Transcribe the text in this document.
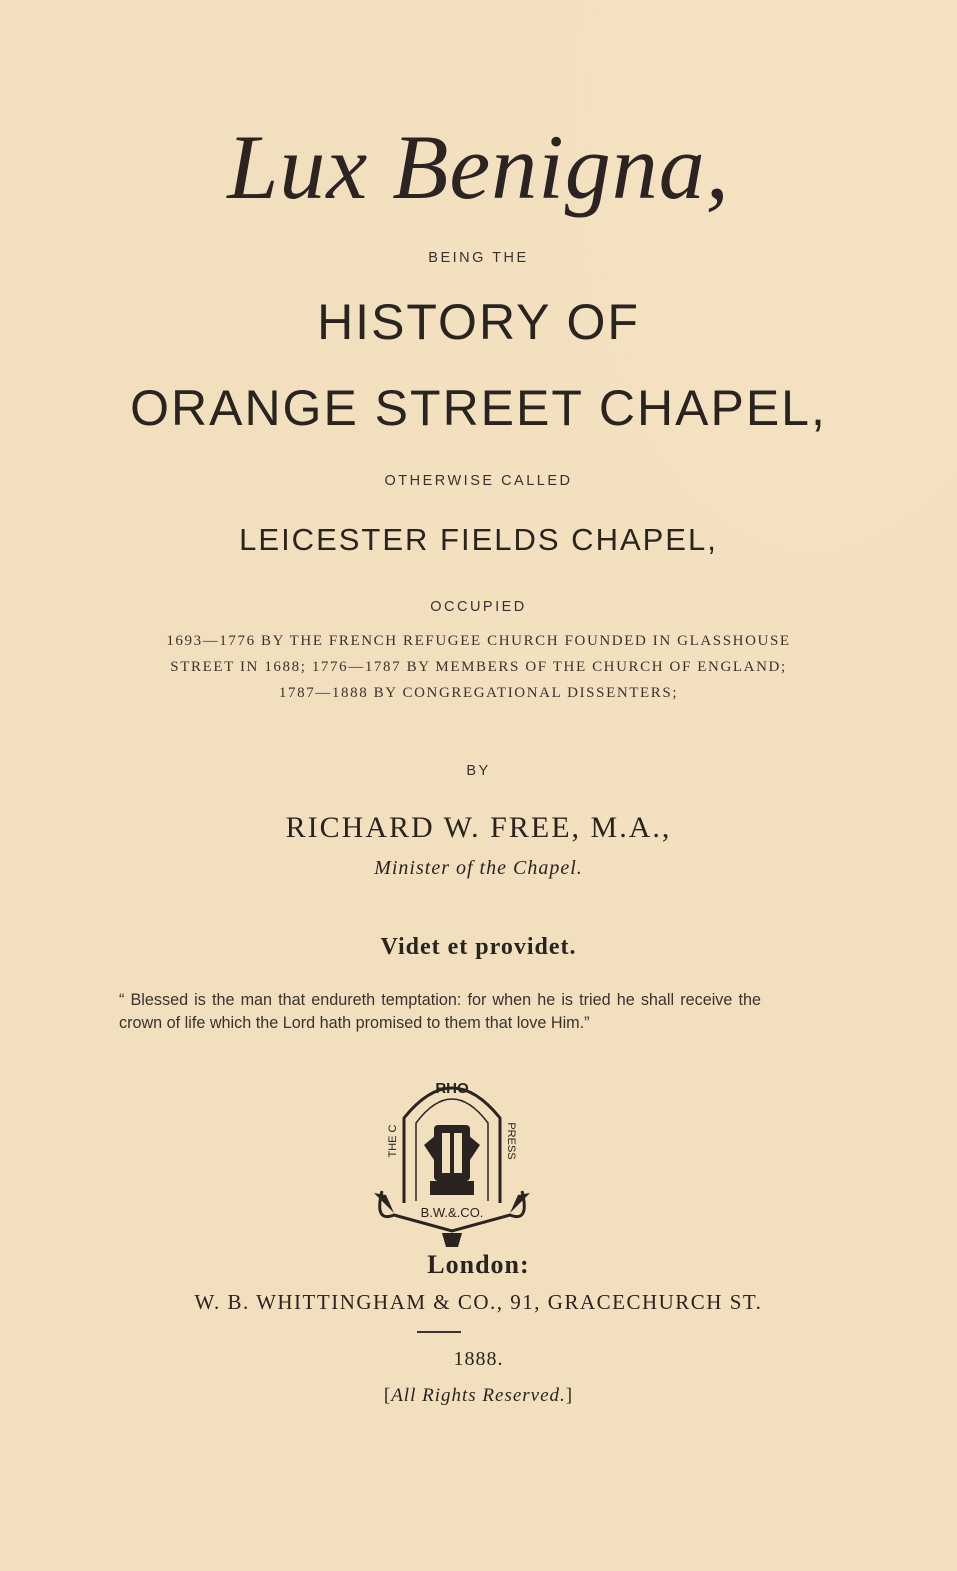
Lux Benigna,
BEING THE
HISTORY OF
ORANGE STREET CHAPEL,
OTHERWISE CALLED
LEICESTER FIELDS CHAPEL,
OCCUPIED
1693—1776 BY THE FRENCH REFUGEE CHURCH FOUNDED IN GLASSHOUSE
STREET IN 1688; 1776—1787 BY MEMBERS OF THE CHURCH OF ENGLAND;
1787—1888 BY CONGREGATIONAL DISSENTERS;
BY
RICHARD W. FREE, M.A.,
Minister of the Chapel.
Videt et providet.
“ Blessed is the man that endureth temptation: for when he is tried he shall receive the crown of life which the Lord hath promised to them that love Him.”
RHO
THE C	PRESS
B.W.&.CO.
London:
W. B. WHITTINGHAM & CO., 91, GRACECHURCH ST.
1888.
[All Rights Reserved.]
